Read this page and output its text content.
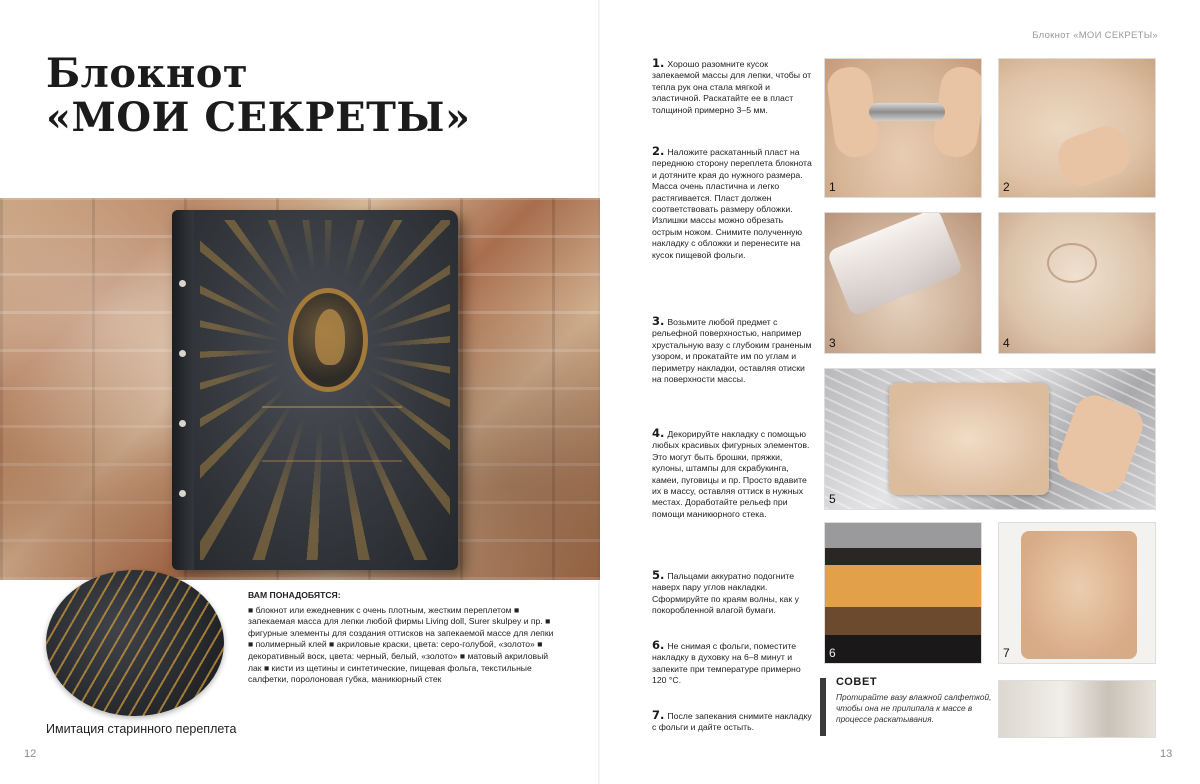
Блокнот
«МОИ СЕКРЕТЫ»
Имитация старинного переплета
ВАМ ПОНАДОБЯТСЯ:
■ блокнот или ежедневник с очень плотным, жестким переплетом ■ запекаемая масса для лепки любой фирмы Living doll, Surer skulpey и пр. ■ фигурные элементы для создания оттисков на запекаемой массе для лепки ■ полимерный клей ■ акриловые краски, цвета: серо-голубой, «золото» ■ декоративный воск, цвета: черный, белый, «золото» ■ матовый акриловый лак ■ кисти из щетины и синтетические, пищевая фольга, текстильные салфетки, поролоновая губка, маникюрный стек
12
Блокнот «МОИ СЕКРЕТЫ»
1. Хорошо разомните кусок запекаемой массы для лепки, чтобы от тепла рук она стала мягкой и эластичной. Раскатайте ее в пласт толщиной примерно 3–5 мм.
2. Наложите раскатанный пласт на переднюю сторону переплета блокнота и дотяните края до нужного размера. Масса очень пластична и легко растягивается. Пласт должен соответствовать размеру обложки. Излишки массы можно обрезать острым ножом. Снимите полученную накладку с обложки и перенесите на кусок пищевой фольги.
3. Возьмите любой предмет с рельефной поверхностью, например хрустальную вазу с глубоким граненым узором, и прокатайте им по углам и периметру накладки, оставляя отиски на поверхности массы.
4. Декорируйте накладку с помощью любых красивых фигурных элементов. Это могут быть брошки, пряжки, кулоны, штампы для скрабукинга, камеи, пуговицы и пр. Просто вдавите их в массу, оставляя оттиск в нужных местах. Доработайте рельеф при помощи маникюрного стека.
5. Пальцами аккуратно подогните наверх пару углов накладки. Сформируйте по краям волны, как у покоробленной влагой бумаги.
6. Не снимая с фольги, поместите накладку в духовку на 6–8 минут и запеките при температуре примерно 120 °С.
7. После запекания снимите накладку с фольги и дайте остыть.
1	2
3	4
5
6	7
СОВЕТ
Протирайте вазу влажной салфеткой, чтобы она не прилипала к массе в процессе раскатывания.
13
